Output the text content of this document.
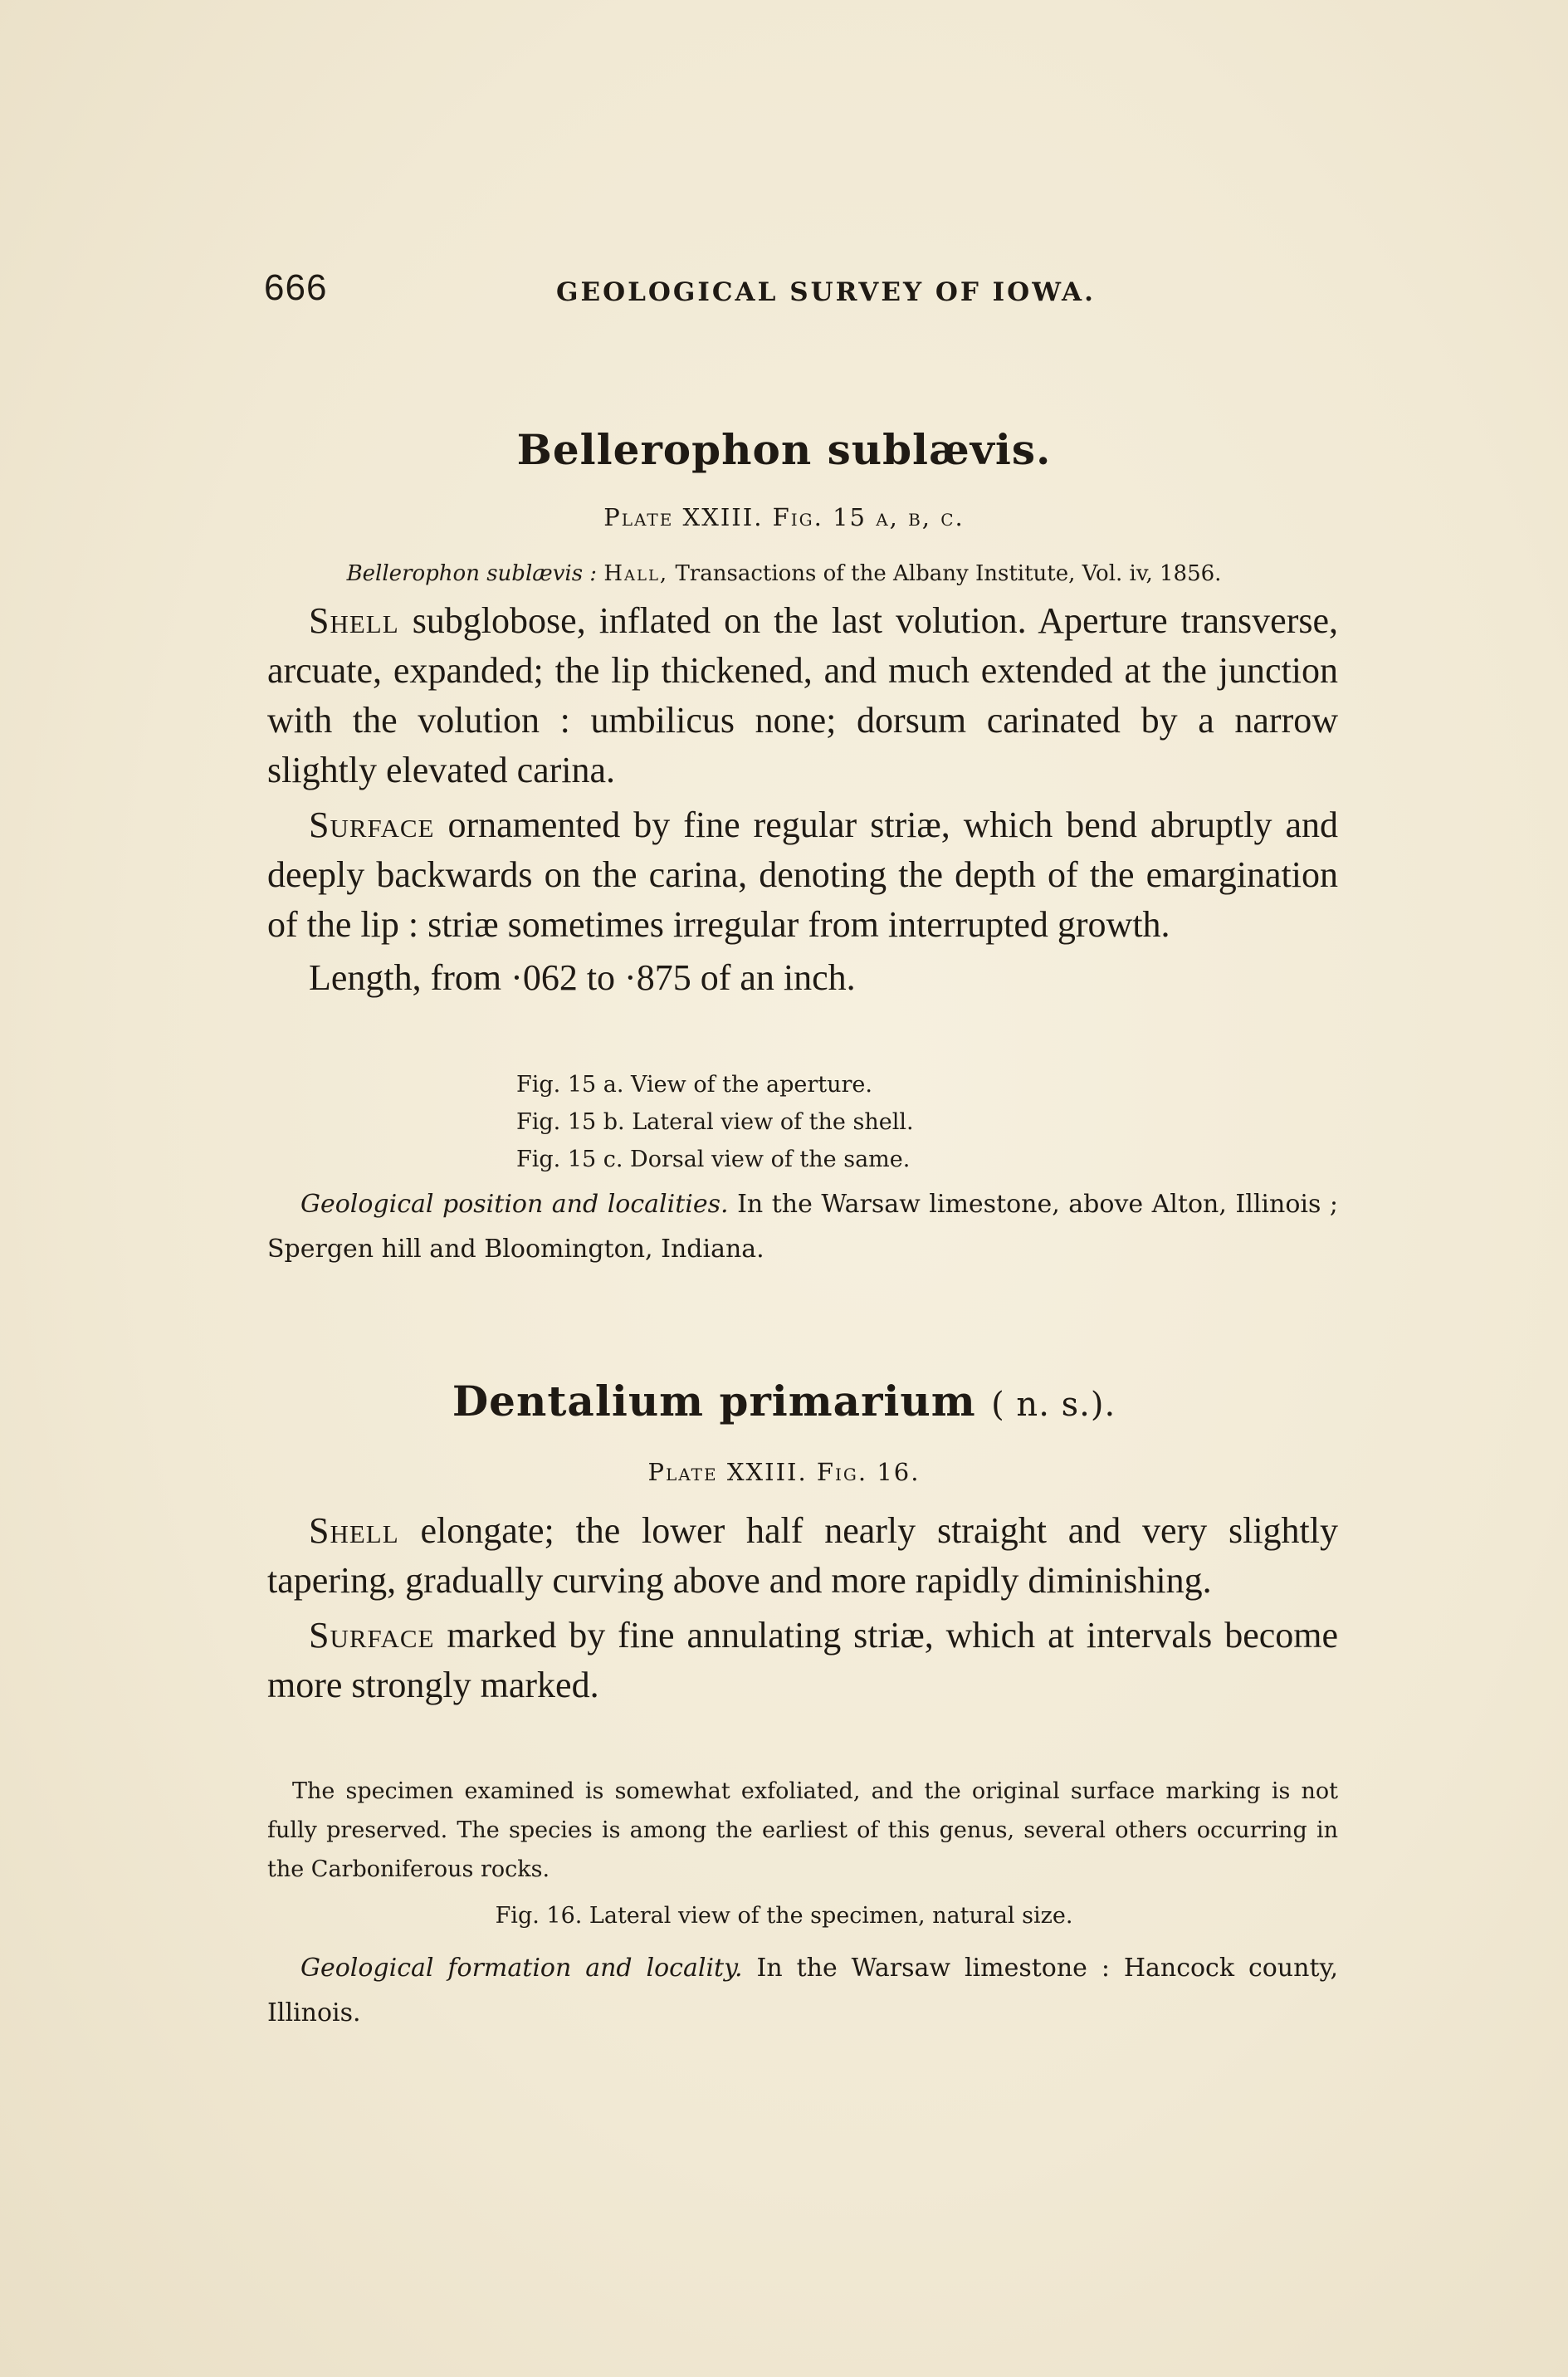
666	GEOLOGICAL SURVEY OF IOWA.
Bellerophon sublævis.
Plate XXIII. Fig. 15 a, b, c.
Bellerophon sublævis : Hall, Transactions of the Albany Institute, Vol. iv, 1856.

Shell subglobose, inflated on the last volution. Aperture transverse, arcuate, expanded; the lip thickened, and much extended at the junction with the volution : umbilicus none; dorsum carinated by a narrow slightly elevated carina.

Surface ornamented by fine regular striæ, which bend abruptly and deeply backwards on the carina, denoting the depth of the emargination of the lip : striæ sometimes irregular from interrupted growth.

Length, from ·062 to ·875 of an inch.

Fig. 15 a. View of the aperture.
Fig. 15 b. Lateral view of the shell.
Fig. 15 c. Dorsal view of the same.

Geological position and localities. In the Warsaw limestone, above Alton, Illinois ; Spergen hill and Bloomington, Indiana.

Dentalium primarium ( n. s.).
Plate XXIII. Fig. 16.

Shell elongate; the lower half nearly straight and very slightly tapering, gradually curving above and more rapidly diminishing.

Surface marked by fine annulating striæ, which at intervals become more strongly marked.

The specimen examined is somewhat exfoliated, and the original surface marking is not fully preserved. The species is among the earliest of this genus, several others occurring in the Carboniferous rocks.

Fig. 16. Lateral view of the specimen, natural size.

Geological formation and locality. In the Warsaw limestone : Hancock county, Illinois.
